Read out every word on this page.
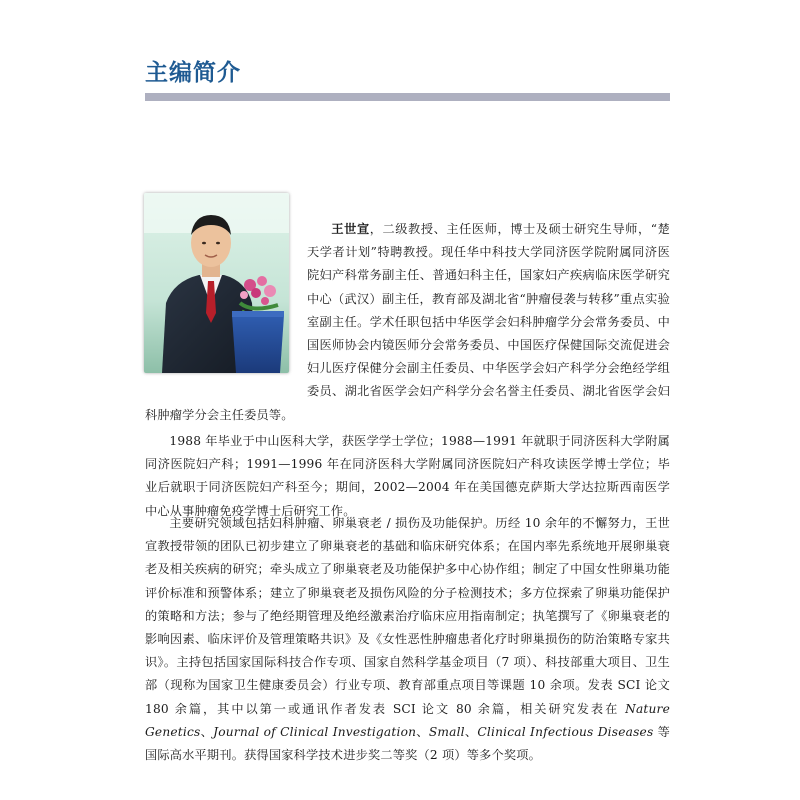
主编简介
王世宣，二级教授、主任医师，博士及硕士研究生导师，“楚天学者计划”特聘教授。现任华中科技大学同济医学院附属同济医院妇产科常务副主任、普通妇科主任，国家妇产疾病临床医学研究中心（武汉）副主任，教育部及湖北省“肿瘤侵袭与转移”重点实验室副主任。学术任职包括中华医学会妇科肿瘤学分会常务委员、中国医师协会内镜医师分会常务委员、中国医疗保健国际交流促进会妇儿医疗保健分会副主任委员、中华医学会妇产科学分会绝经学组委员、湖北省医学会妇产科学分会名誉主任委员、湖北省医学会妇科肿瘤学分会主任委员等。

1988 年毕业于中山医科大学，获医学学士学位；1988—1991 年就职于同济医科大学附属同济医院妇产科；1991—1996 年在同济医科大学附属同济医院妇产科攻读医学博士学位；毕业后就职于同济医院妇产科至今；期间，2002—2004 年在美国德克萨斯大学达拉斯西南医学中心从事肿瘤免疫学博士后研究工作。

主要研究领域包括妇科肿瘤、卵巢衰老 / 损伤及功能保护。历经 10 余年的不懈努力，王世宣教授带领的团队已初步建立了卵巢衰老的基础和临床研究体系；在国内率先系统地开展卵巢衰老及相关疾病的研究；牵头成立了卵巢衰老及功能保护多中心协作组；制定了中国女性卵巢功能评价标准和预警体系；建立了卵巢衰老及损伤风险的分子检测技术；多方位探索了卵巢功能保护的策略和方法；参与了绝经期管理及绝经激素治疗临床应用指南制定；执笔撰写了《卵巢衰老的影响因素、临床评价及管理策略共识》及《女性恶性肿瘤患者化疗时卵巢损伤的防治策略专家共识》。主持包括国家国际科技合作专项、国家自然科学基金项目（7 项）、科技部重大项目、卫生部（现称为国家卫生健康委员会）行业专项、教育部重点项目等课题 10 余项。发表 SCI 论文 180 余篇，其中以第一或通讯作者发表 SCI 论文 80 余篇，相关研究发表在 Nature Genetics、Journal of Clinical Investigation、Small、Clinical Infectious Diseases 等国际高水平期刊。获得国家科学技术进步奖二等奖（2 项）等多个奖项。
